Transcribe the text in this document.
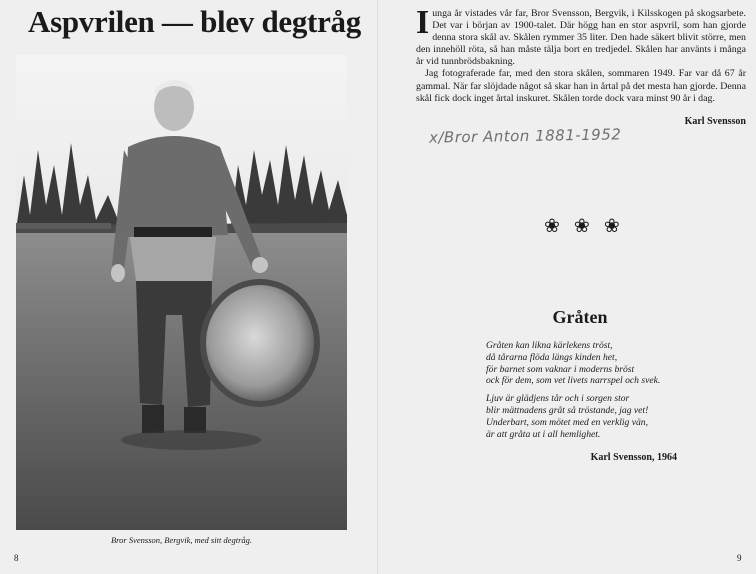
Aspvrilen — blev degtråg
Bror Svensson, Bergvik, med sitt degtråg.
8

Iunga år vistades vår far, Bror Svensson, Bergvik, i Kilsskogen på skogsarbete. Det var i början av 1900-talet. Där högg han en stor aspvril, som han gjorde denna stora skål av. Skålen rymmer 35 liter. Den hade säkert blivit större, men den innehöll röta, så han måste tälja bort en tredjedel. Skålen har använts i många år vid tunnbrödsbakning.

Jag fotograferade far, med den stora skålen, sommaren 1949. Far var då 67 år gammal. När far slöjdade något så skar han in årtal på det mesta han gjorde. Denna skål fick dock inget årtal inskuret. Skålen torde dock vara minst 90 år i dag.

Karl Svensson
x/Bror Anton 1881-1952
❀❀❀
Gråten
Gråten kan likna kärlekens tröst,
då tårarna flöda längs kinden het,
för barnet som vaknar i moderns bröst
ock för dem, som vet livets narrspel och svek.
Ljuv är glädjens tår och i sorgen stor
blir mättnadens gråt så tröstande, jag vet!
Underbart, som mötet med en verklig vän,
är att gråta ut i all hemlighet.
Karl Svensson, 1964
9
